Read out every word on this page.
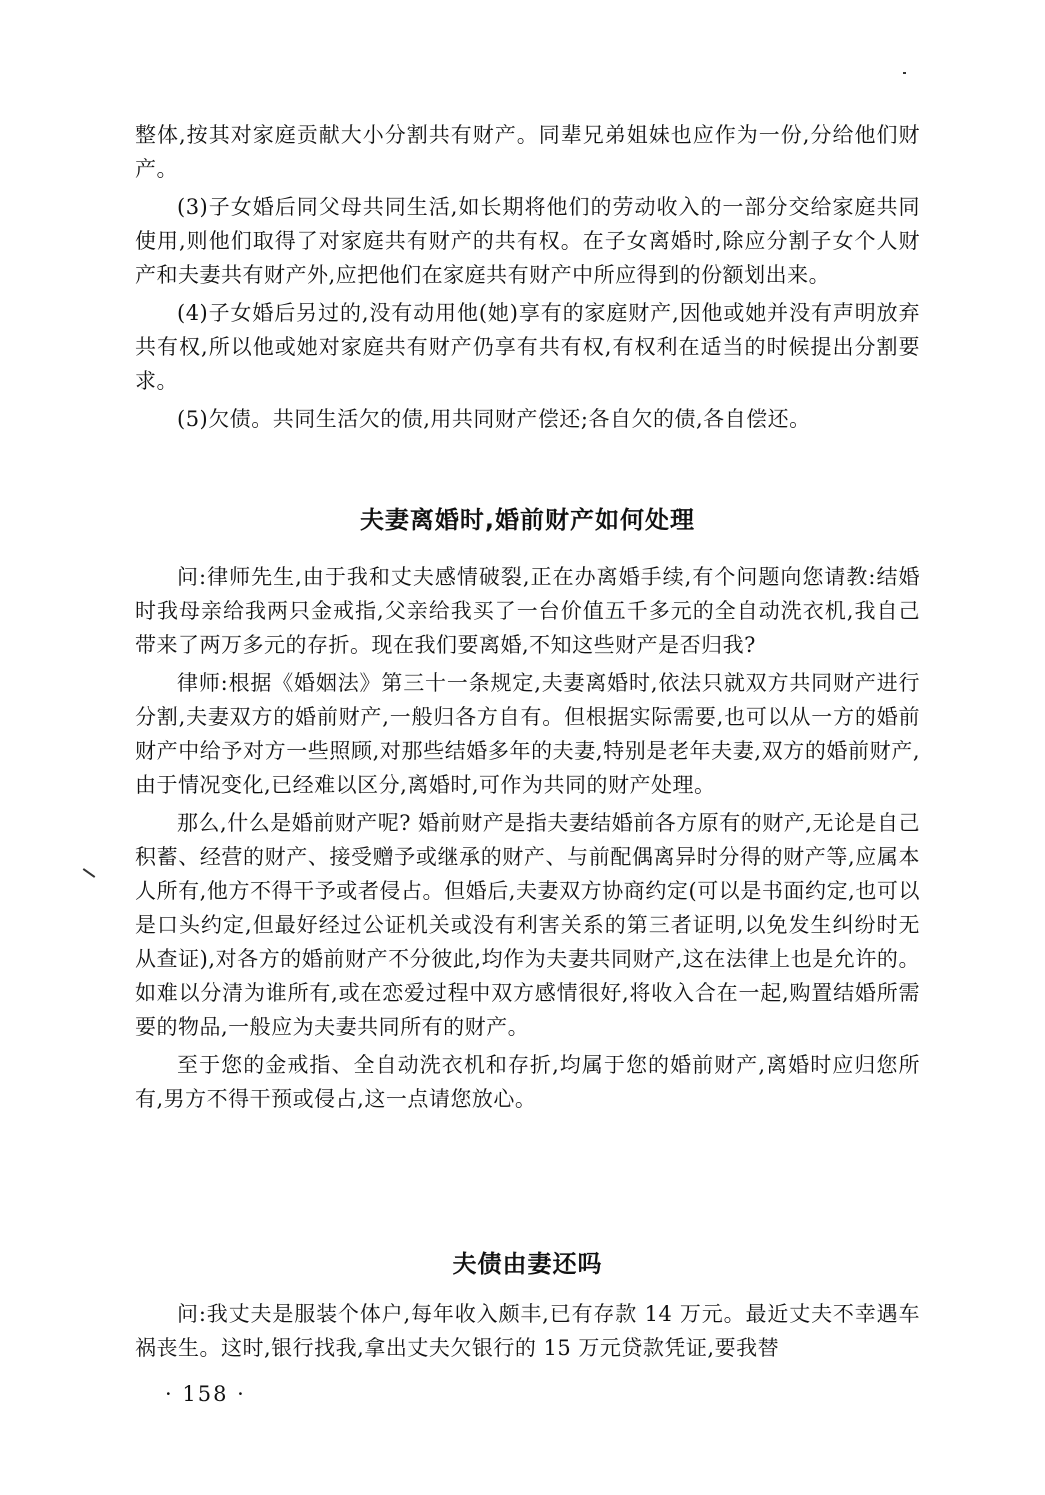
整体,按其对家庭贡献大小分割共有财产。同辈兄弟姐妹也应作为一份,分给他们财产。

(3)子女婚后同父母共同生活,如长期将他们的劳动收入的一部分交给家庭共同使用,则他们取得了对家庭共有财产的共有权。在子女离婚时,除应分割子女个人财产和夫妻共有财产外,应把他们在家庭共有财产中所应得到的份额划出来。

(4)子女婚后另过的,没有动用他(她)享有的家庭财产,因他或她并没有声明放弃共有权,所以他或她对家庭共有财产仍享有共有权,有权利在适当的时候提出分割要求。

(5)欠债。共同生活欠的债,用共同财产偿还;各自欠的债,各自偿还。

夫妻离婚时,婚前财产如何处理

问:律师先生,由于我和丈夫感情破裂,正在办离婚手续,有个问题向您请教:结婚时我母亲给我两只金戒指,父亲给我买了一台价值五千多元的全自动洗衣机,我自己带来了两万多元的存折。现在我们要离婚,不知这些财产是否归我?

律师:根据《婚姻法》第三十一条规定,夫妻离婚时,依法只就双方共同财产进行分割,夫妻双方的婚前财产,一般归各方自有。但根据实际需要,也可以从一方的婚前财产中给予对方一些照顾,对那些结婚多年的夫妻,特别是老年夫妻,双方的婚前财产,由于情况变化,已经难以区分,离婚时,可作为共同的财产处理。

那么,什么是婚前财产呢? 婚前财产是指夫妻结婚前各方原有的财产,无论是自己积蓄、经营的财产、接受赠予或继承的财产、与前配偶离异时分得的财产等,应属本人所有,他方不得干予或者侵占。但婚后,夫妻双方协商约定(可以是书面约定,也可以是口头约定,但最好经过公证机关或没有利害关系的第三者证明,以免发生纠纷时无从查证),对各方的婚前财产不分彼此,均作为夫妻共同财产,这在法律上也是允许的。如难以分清为谁所有,或在恋爱过程中双方感情很好,将收入合在一起,购置结婚所需要的物品,一般应为夫妻共同所有的财产。

至于您的金戒指、全自动洗衣机和存折,均属于您的婚前财产,离婚时应归您所有,男方不得干预或侵占,这一点请您放心。

夫债由妻还吗

问:我丈夫是服装个体户,每年收入颇丰,已有存款 14 万元。最近丈夫不幸遇车祸丧生。这时,银行找我,拿出丈夫欠银行的 15 万元贷款凭证,要我替

· 158 ·
